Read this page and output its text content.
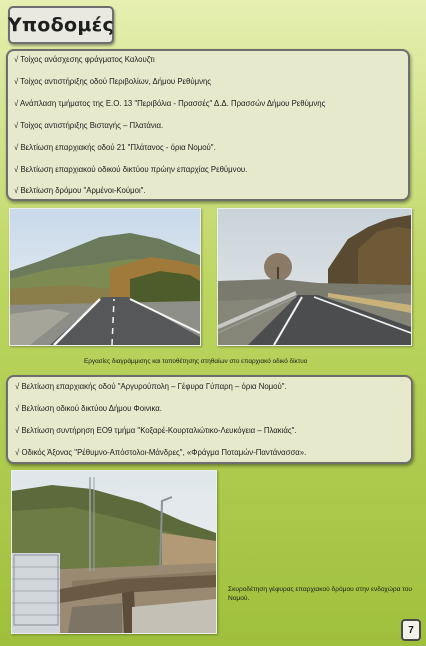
Υποδομές
√ Τοίχος ανάσχεσης φράγματος Καλουζτι
√ Τοίχος αντιστήριξης οδού Περιβολίων, Δήμου Ρεθύμνης
√ Ανάπλαση τμήματος της Ε.Ο. 13 "Περιβόλια - Πρασσές" Δ.Δ. Πρασσών Δήμου Ρεθύμνης
√ Τοίχος αντιστήριξης Βισταγής – Πλατάνια.
√ Βελτίωση επαρχιακής οδού 21 "Πλάτανος - όρια Νομού".
√ Βελτίωση επαρχιακού οδικού δικτύου πρώην επαρχίας Ρεθύμνου.
√ Βελτίωση δρόμου "Αρμένοι-Κούμοι".
Εργασίες διαγράμμισης και τοποθέτησης στηθαίων στο επαρχιακό οδικό δίκτυο
√ Βελτίωση επαρχιακής οδού "Αργυρούπολη – Γέφυρα Γύπαρη – όρια Νομού".
√ Βελτίωση οδικού δικτύου Δήμου Φοινικα.
√ Βελτίωση συντήρηση ΕΟ9 τμήμα "Κοξαρέ-Κουρταλιώτικο-Λευκόγεια – Πλακιάς".
√ Οδικός Άξονας "Ρέθυμνο-Απόστολοι-Μάνδρες", «Φράγμα Ποταμών-Παντάνασσα».
Σκυροδέτηση γέφυρας επαρχιακού δρόμου στην ενδοχώρα του Νομού.
7
